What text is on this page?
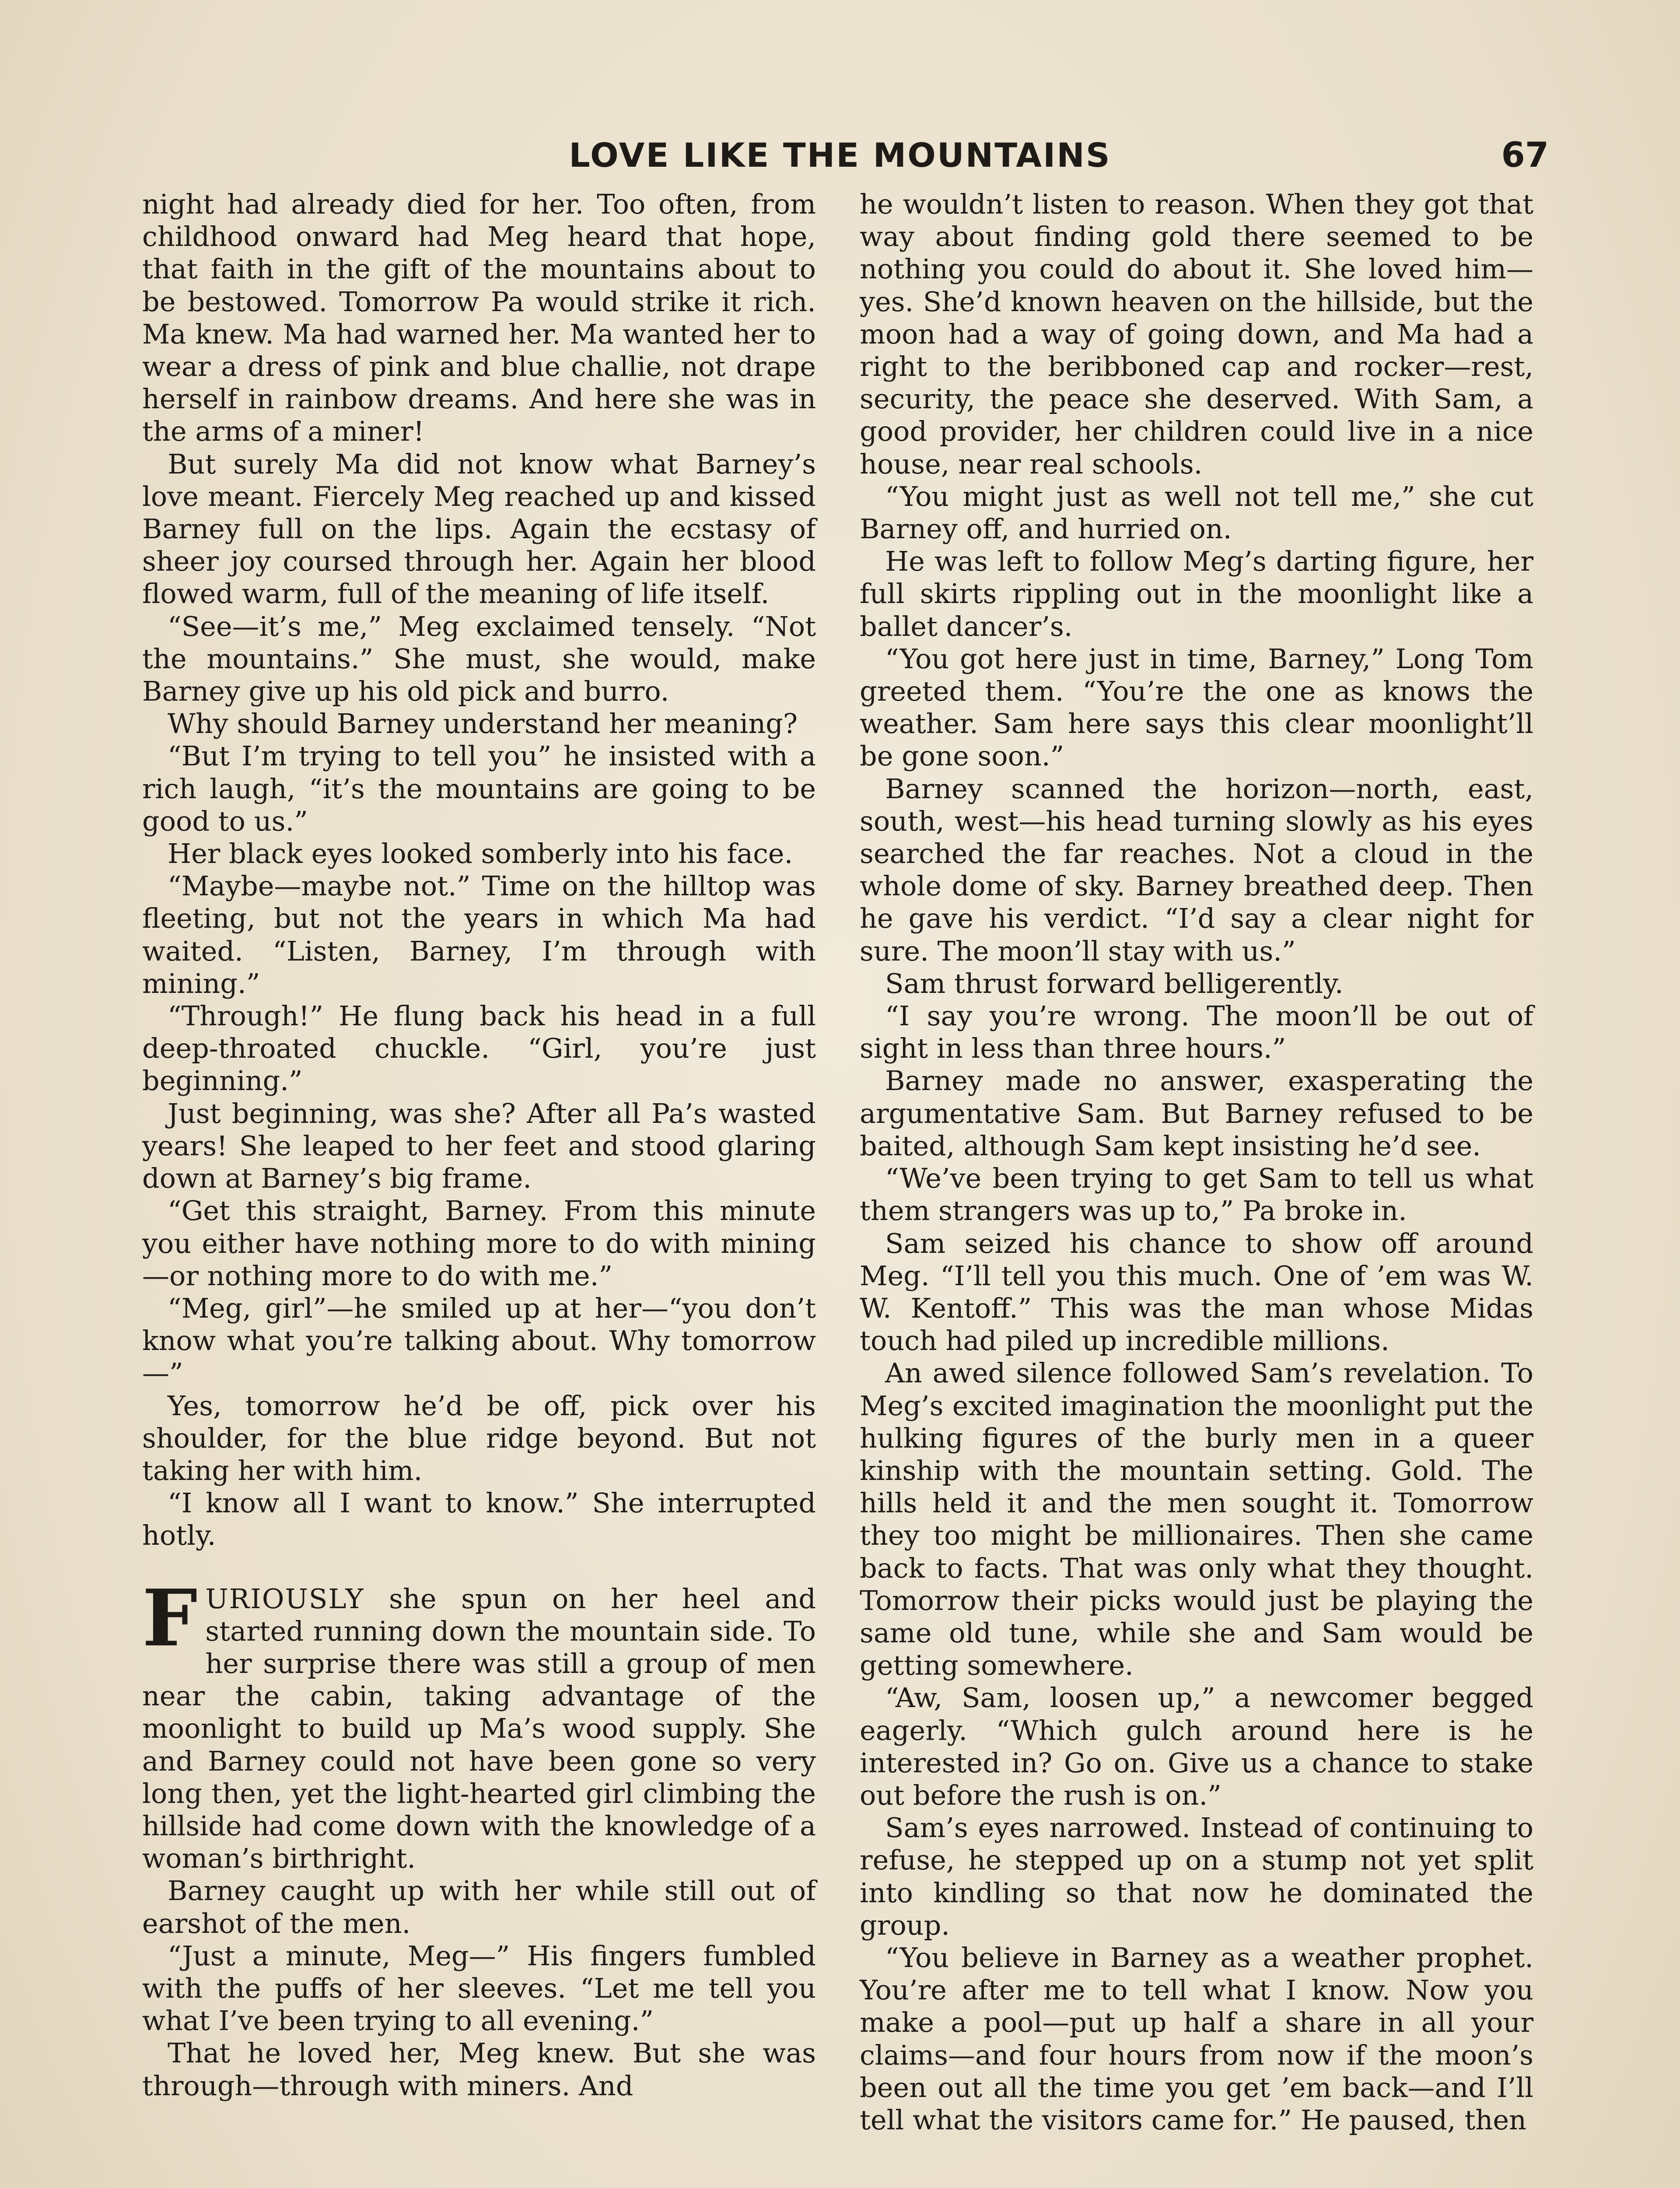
LOVE LIKE THE MOUNTAINS	67

night had already died for her. Too often, from childhood onward had Meg heard that hope, that faith in the gift of the mountains about to be bestowed. Tomorrow Pa would strike it rich. Ma knew. Ma had warned her. Ma wanted her to wear a dress of pink and blue challie, not drape herself in rainbow dreams. And here she was in the arms of a miner!

But surely Ma did not know what Barney’s love meant. Fiercely Meg reached up and kissed Barney full on the lips. Again the ecstasy of sheer joy coursed through her. Again her blood flowed warm, full of the meaning of life itself.

“See—it’s me,” Meg exclaimed tensely. “Not the mountains.” She must, she would, make Barney give up his old pick and burro.

Why should Barney understand her meaning?

“But I’m trying to tell you” he insisted with a rich laugh, “it’s the mountains are going to be good to us.”

Her black eyes looked somberly into his face.

“Maybe—maybe not.” Time on the hilltop was fleeting, but not the years in which Ma had waited. “Listen, Barney, I’m through with mining.”

“Through!” He flung back his head in a full deep-throated chuckle. “Girl, you’re just beginning.”

Just beginning, was she? After all Pa’s wasted years! She leaped to her feet and stood glaring down at Barney’s big frame.

“Get this straight, Barney. From this minute you either have nothing more to do with mining—or nothing more to do with me.”

“Meg, girl”—he smiled up at her—“you don’t know what you’re talking about. Why tomorrow—”

Yes, tomorrow he’d be off, pick over his shoulder, for the blue ridge beyond. But not taking her with him.

“I know all I want to know.” She interrupted hotly.

FURIOUSLY she spun on her heel and started running down the mountain side. To her surprise there was still a group of men near the cabin, taking advantage of the moonlight to build up Ma’s wood supply. She and Barney could not have been gone so very long then, yet the light-hearted girl climbing the hillside had come down with the knowledge of a woman’s birthright.

Barney caught up with her while still out of earshot of the men.

“Just a minute, Meg—” His fingers fumbled with the puffs of her sleeves. “Let me tell you what I’ve been trying to all evening.”

That he loved her, Meg knew. But she was through—through with miners. And

he wouldn’t listen to reason. When they got that way about finding gold there seemed to be nothing you could do about it. She loved him—yes. She’d known heaven on the hillside, but the moon had a way of going down, and Ma had a right to the beribboned cap and rocker—rest, security, the peace she deserved. With Sam, a good provider, her children could live in a nice house, near real schools.

“You might just as well not tell me,” she cut Barney off, and hurried on.

He was left to follow Meg’s darting figure, her full skirts rippling out in the moonlight like a ballet dancer’s.

“You got here just in time, Barney,” Long Tom greeted them. “You’re the one as knows the weather. Sam here says this clear moonlight’ll be gone soon.”

Barney scanned the horizon—north, east, south, west—his head turning slowly as his eyes searched the far reaches. Not a cloud in the whole dome of sky. Barney breathed deep. Then he gave his verdict. “I’d say a clear night for sure. The moon’ll stay with us.”

Sam thrust forward belligerently.

“I say you’re wrong. The moon’ll be out of sight in less than three hours.”

Barney made no answer, exasperating the argumentative Sam. But Barney refused to be baited, although Sam kept insisting he’d see.

“We’ve been trying to get Sam to tell us what them strangers was up to,” Pa broke in.

Sam seized his chance to show off around Meg. “I’ll tell you this much. One of ’em was W. W. Kentoff.” This was the man whose Midas touch had piled up incredible millions.

An awed silence followed Sam’s revelation. To Meg’s excited imagination the moonlight put the hulking figures of the burly men in a queer kinship with the mountain setting. Gold. The hills held it and the men sought it. Tomorrow they too might be millionaires. Then she came back to facts. That was only what they thought. Tomorrow their picks would just be playing the same old tune, while she and Sam would be getting somewhere.

“Aw, Sam, loosen up,” a newcomer begged eagerly. “Which gulch around here is he interested in? Go on. Give us a chance to stake out before the rush is on.”

Sam’s eyes narrowed. Instead of continuing to refuse, he stepped up on a stump not yet split into kindling so that now he dominated the group.

“You believe in Barney as a weather prophet. You’re after me to tell what I know. Now you make a pool—put up half a share in all your claims—and four hours from now if the moon’s been out all the time you get ’em back—and I’ll tell what the visitors came for.” He paused, then
